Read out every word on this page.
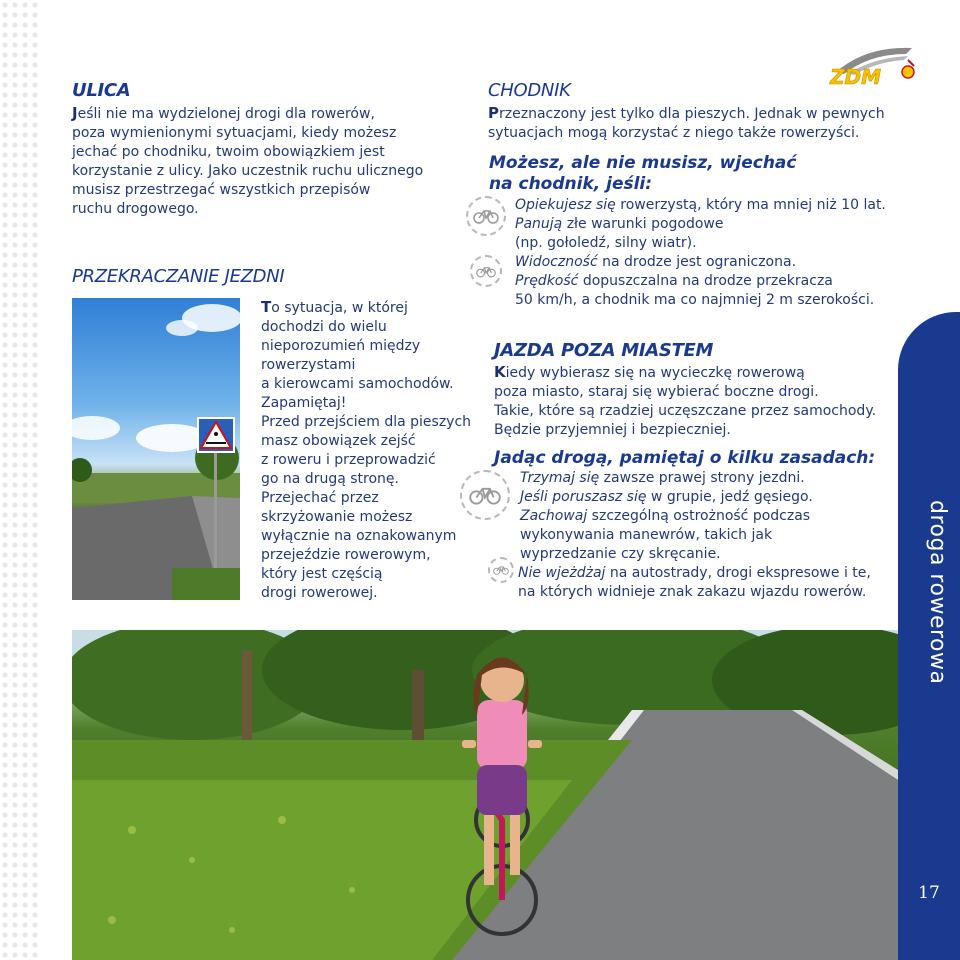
ZDM
ULICA
Jeśli nie ma wydzielonej drogi dla rowerów,
poza wymienionymi sytuacjami, kiedy możesz
jechać po chodniku, twoim obowiązkiem jest
korzystanie z ulicy. Jako uczestnik ruchu ulicznego
musisz przestrzegać wszystkich przepisów
ruchu drogowego.
PRZEKRACZANIE JEZDNI
To sytuacja, w której
dochodzi do wielu
nieporozumień między
rowerzystami
a kierowcami samochodów.
Zapamiętaj!
Przed przejściem dla pieszych
masz obowiązek zejść
z roweru i przeprowadzić
go na drugą stronę.
Przejechać przez
skrzyżowanie możesz
wyłącznie na oznakowanym
przejeździe rowerowym,
który jest częścią
drogi rowerowej.
CHODNIK
Przeznaczony jest tylko dla pieszych. Jednak w pewnych
sytuacjach mogą korzystać z niego także rowerzyści.
Możesz, ale nie musisz, wjechać
na chodnik, jeśli:
Opiekujesz się rowerzystą, który ma mniej niż 10 lat.
Panują złe warunki pogodowe
(np. gołoledź, silny wiatr).
Widoczność na drodze jest ograniczona.
Prędkość dopuszczalna na drodze przekracza
50 km/h, a chodnik ma co najmniej 2 m szerokości.
JAZDA POZA MIASTEM
Kiedy wybierasz się na wycieczkę rowerową
poza miasto, staraj się wybierać boczne drogi.
Takie, które są rzadziej uczęszczane przez samochody.
Będzie przyjemniej i bezpieczniej.
Jadąc drogą, pamiętaj o kilku zasadach:
Trzymaj się zawsze prawej strony jezdni.
Jeśli poruszasz się w grupie, jedź gęsiego.
Zachowaj szczególną ostrożność podczas
wykonywania manewrów, takich jak
wyprzedzanie czy skręcanie.
Nie wjeżdżaj na autostrady, drogi ekspresowe i te,
na których widnieje znak zakazu wjazdu rowerów.	droga rowerowa
17
